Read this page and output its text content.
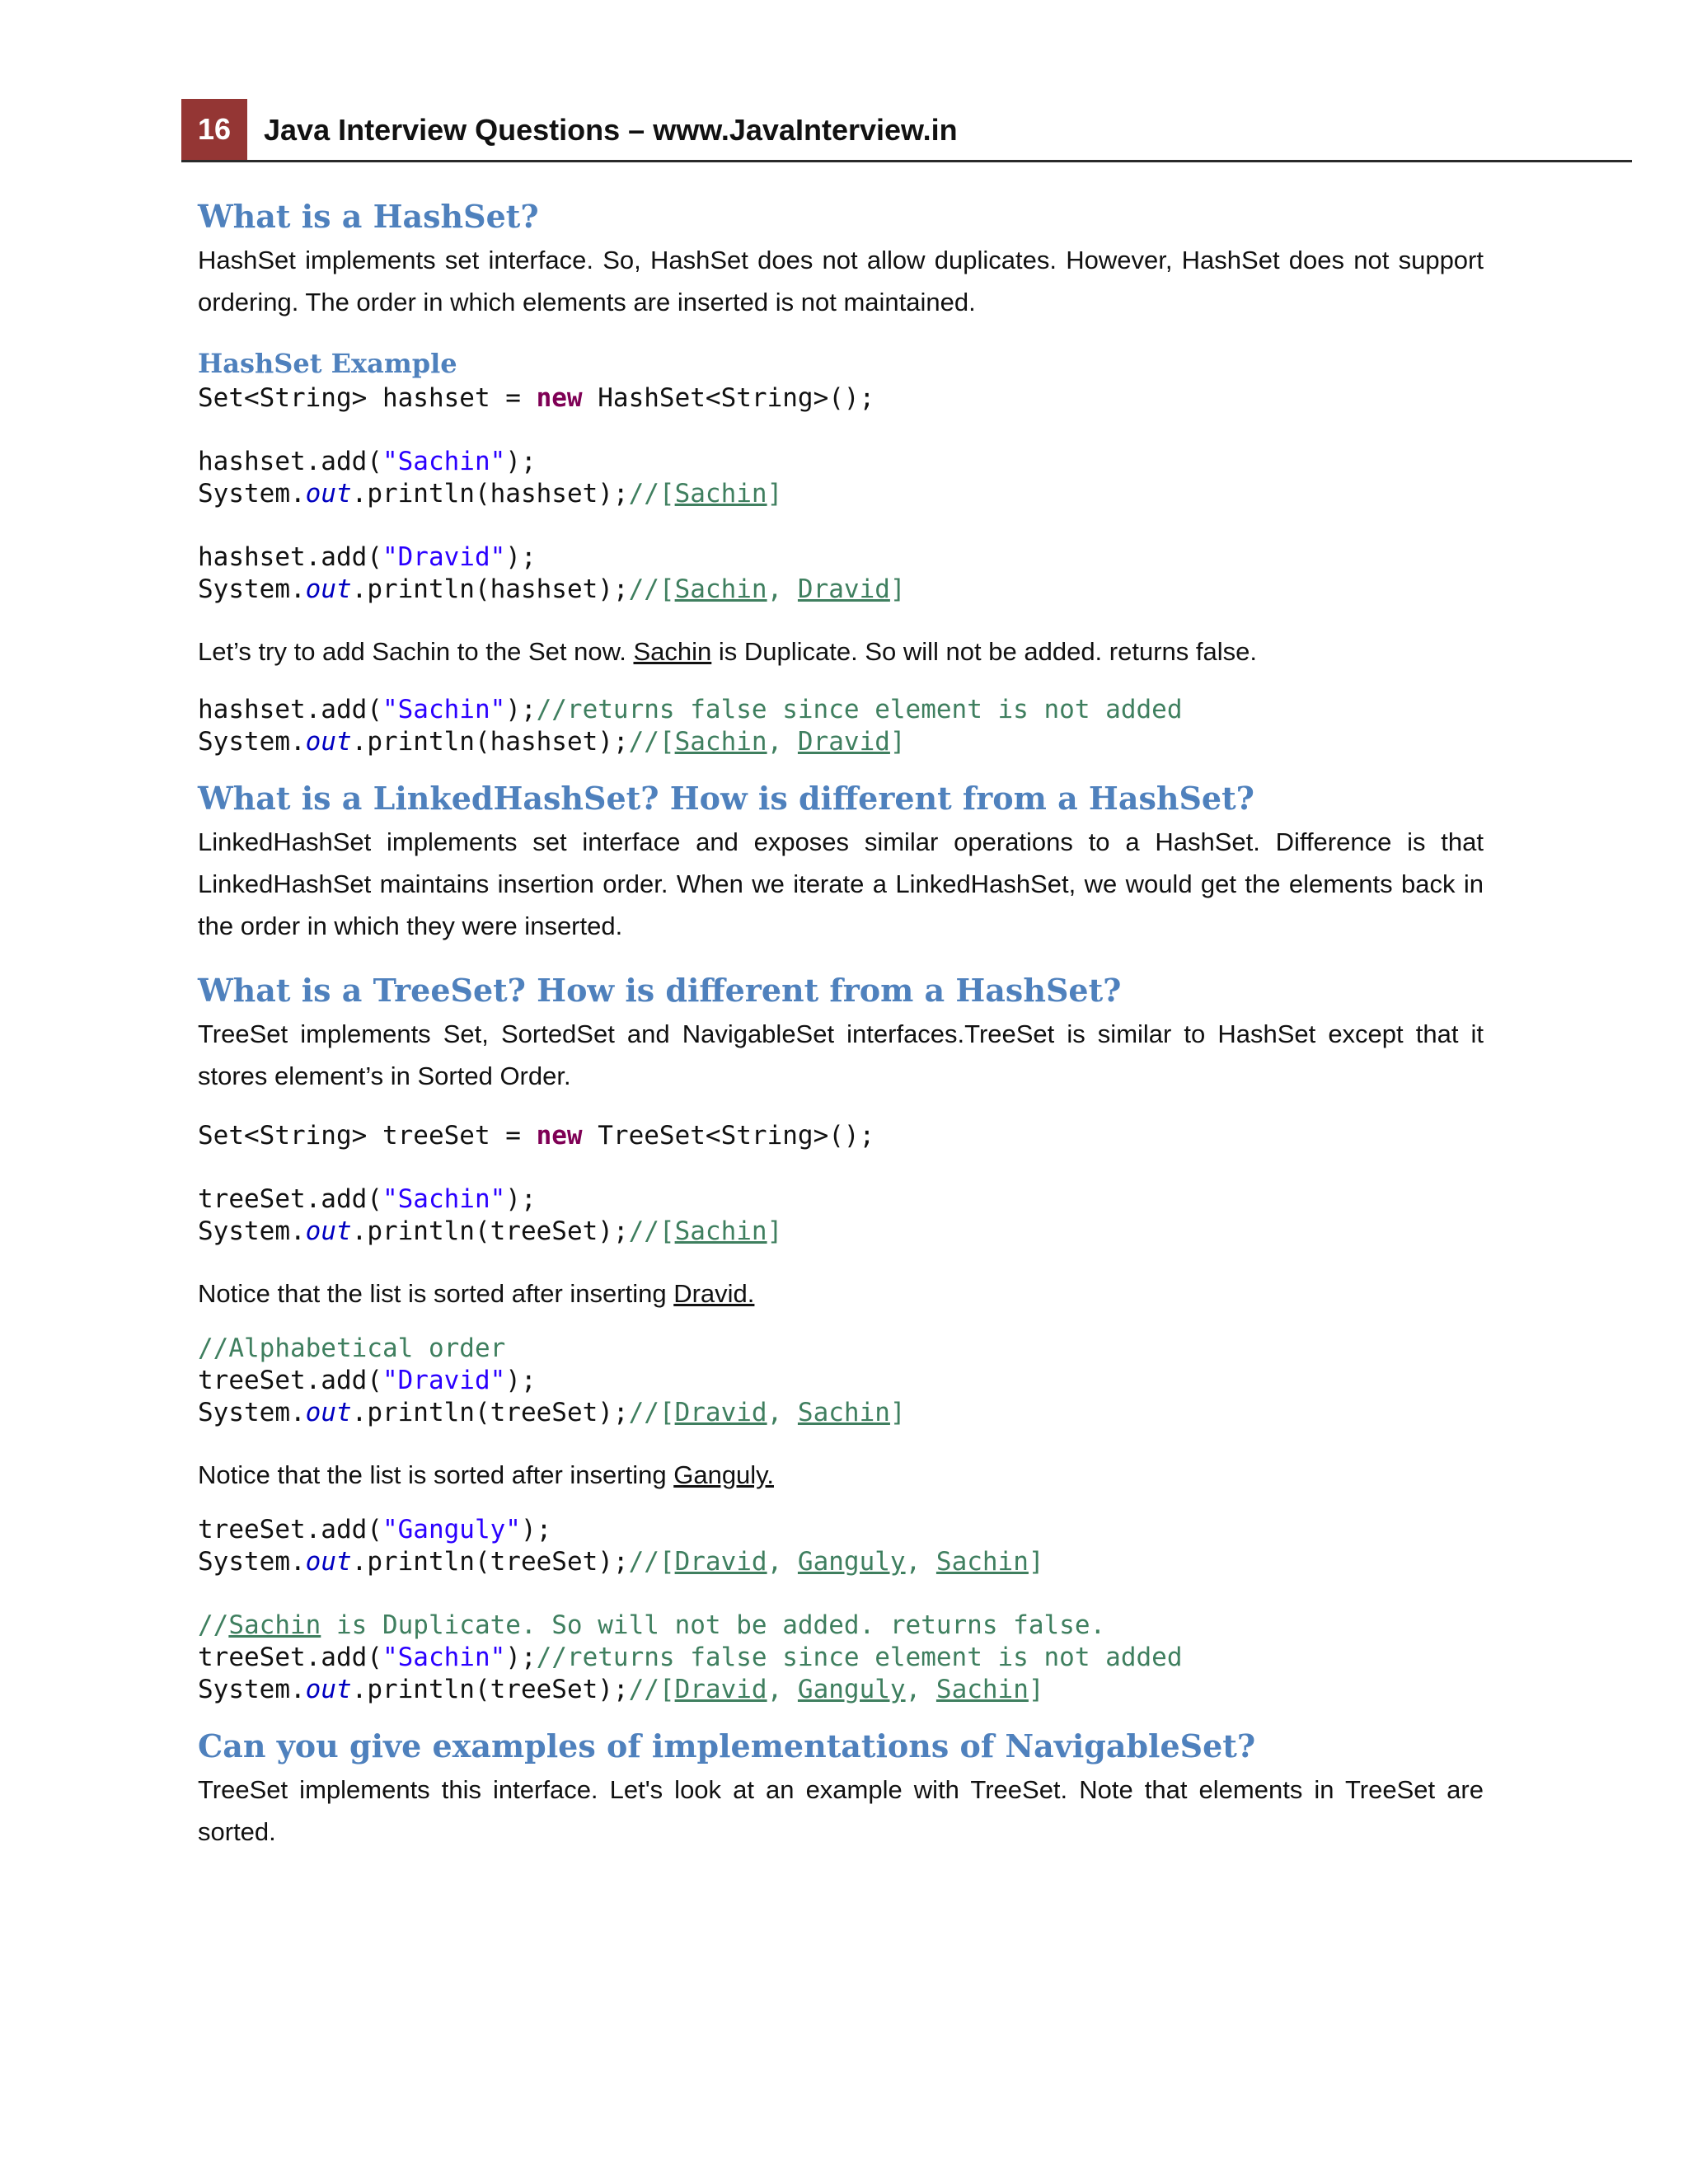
16	Java Interview Questions – www.JavaInterview.in
What is a HashSet?

HashSet implements set interface. So, HashSet does not allow duplicates. However, HashSet does not support ordering. The order in which elements are inserted is not maintained.

HashSet Example
Set<String> hashset = new HashSet<String>();
hashset.add("Sachin");
System.out.println(hashset);//[Sachin]
hashset.add("Dravid");
System.out.println(hashset);//[Sachin, Dravid]

Let’s try to add Sachin to the Set now. Sachin is Duplicate. So will not be added. returns false.

hashset.add("Sachin");//returns false since element is not added
System.out.println(hashset);//[Sachin, Dravid]
What is a LinkedHashSet? How is different from a HashSet?

LinkedHashSet implements set interface and exposes similar operations to a HashSet. Difference is that LinkedHashSet maintains insertion order. When we iterate a LinkedHashSet, we would get the elements back in the order in which they were inserted.

What is a TreeSet? How is different from a HashSet?

TreeSet implements Set, SortedSet and NavigableSet interfaces.TreeSet is similar to HashSet except that it stores element’s in Sorted Order.

Set<String> treeSet = new TreeSet<String>();
treeSet.add("Sachin");
System.out.println(treeSet);//[Sachin]

Notice that the list is sorted after inserting Dravid.

//Alphabetical order
treeSet.add("Dravid");
System.out.println(treeSet);//[Dravid, Sachin]

Notice that the list is sorted after inserting Ganguly.

treeSet.add("Ganguly");
System.out.println(treeSet);//[Dravid, Ganguly, Sachin]
//Sachin is Duplicate. So will not be added. returns false.
treeSet.add("Sachin");//returns false since element is not added
System.out.println(treeSet);//[Dravid, Ganguly, Sachin]
Can you give examples of implementations of NavigableSet?

TreeSet implements this interface. Let's look at an example with TreeSet. Note that elements in TreeSet are sorted.
